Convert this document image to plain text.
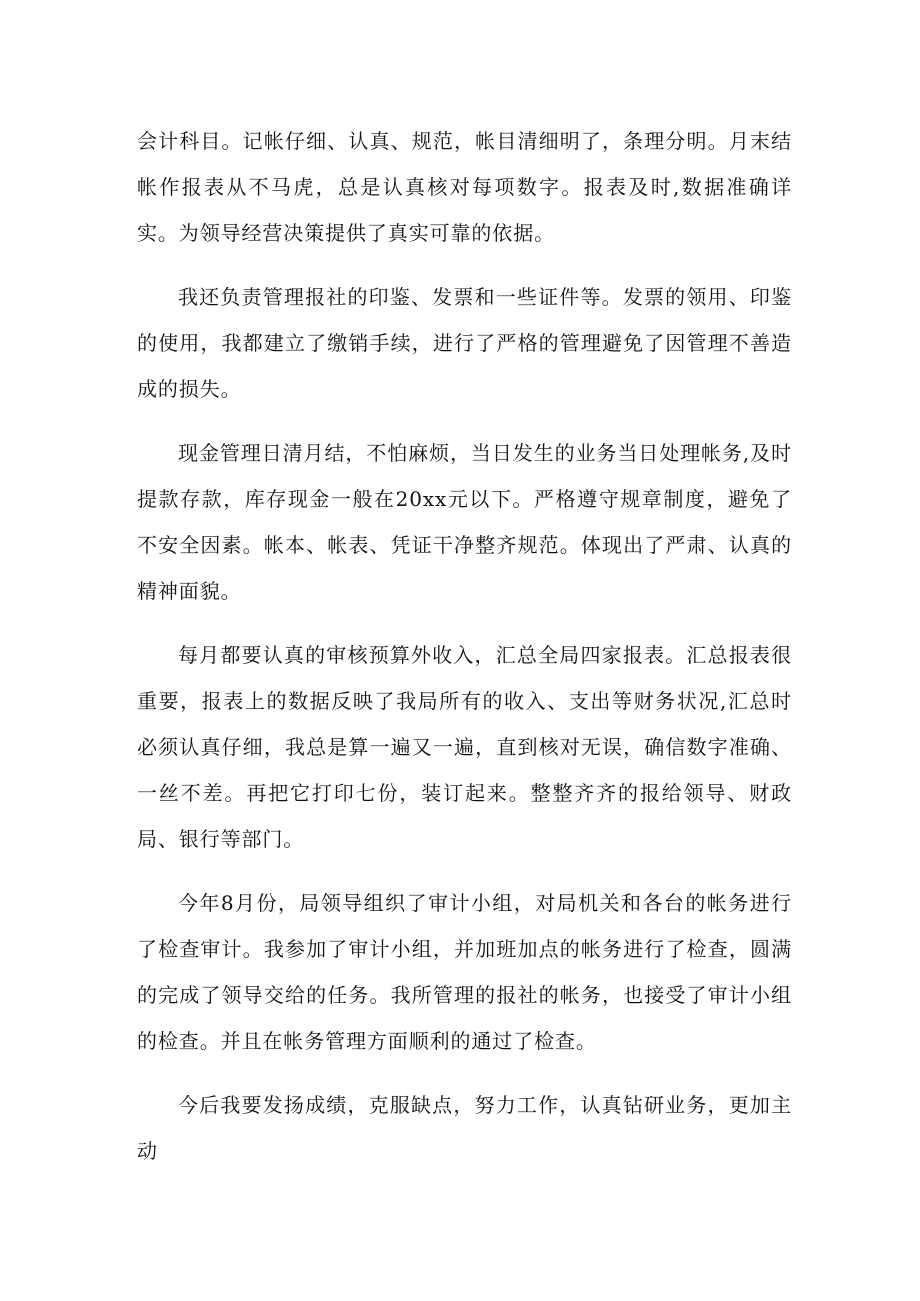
会计科目。记帐仔细、认真、规范，帐目清细明了，条理分明。月末结帐作报表从不马虎，总是认真核对每项数字。报表及时,数据准确详实。为领导经营决策提供了真实可靠的依据。

我还负责管理报社的印鉴、发票和一些证件等。发票的领用、印鉴的使用，我都建立了缴销手续，进行了严格的管理避免了因管理不善造成的损失。

现金管理日清月结，不怕麻烦，当日发生的业务当日处理帐务,及时提款存款，库存现金一般在20xx元以下。严格遵守规章制度，避免了不安全因素。帐本、帐表、凭证干净整齐规范。体现出了严肃、认真的精神面貌。

每月都要认真的审核预算外收入，汇总全局四家报表。汇总报表很重要，报表上的数据反映了我局所有的收入、支出等财务状况,汇总时必须认真仔细，我总是算一遍又一遍，直到核对无误，确信数字准确、一丝不差。再把它打印七份，装订起来。整整齐齐的报给领导、财政局、银行等部门。

今年8月份，局领导组织了审计小组，对局机关和各台的帐务进行了检查审计。我参加了审计小组，并加班加点的帐务进行了检查，圆满的完成了领导交给的任务。我所管理的报社的帐务，也接受了审计小组的检查。并且在帐务管理方面顺利的通过了检查。

今后我要发扬成绩，克服缺点，努力工作，认真钻研业务，更加主动
